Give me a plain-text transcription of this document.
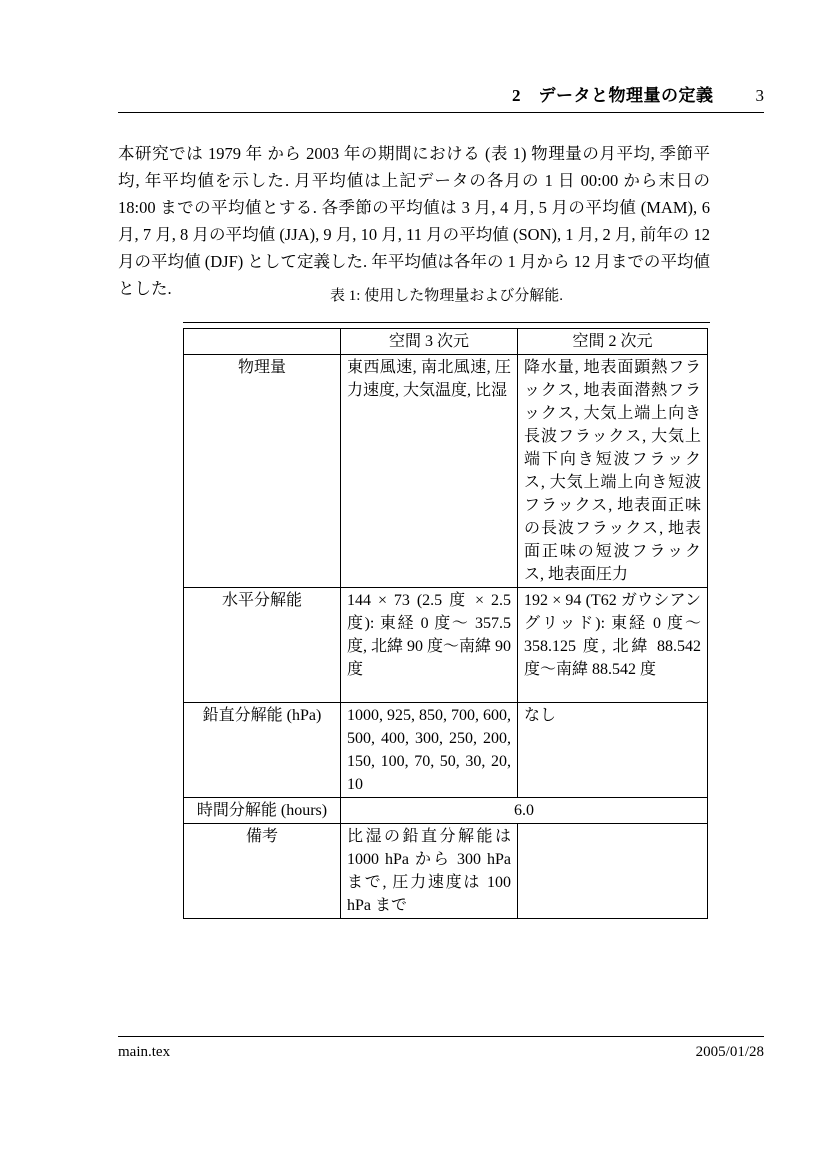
2　データと物理量の定義 3
本研究では 1979 年 から 2003 年の期間における (表 1) 物理量の月平均, 季節平均, 年平均値を示した. 月平均値は上記データの各月の 1 日 00:00 から末日の 18:00 までの平均値とする. 各季節の平均値は 3 月, 4 月, 5 月の平均値 (MAM), 6 月, 7 月, 8 月の平均値 (JJA), 9 月, 10 月, 11 月の平均値 (SON), 1 月, 2 月, 前年の 12 月の平均値 (DJF) として定義した. 年平均値は各年の 1 月から 12 月までの平均値とした.	表 1: 使用した物理量および分解能.
	空間 3 次元	空間 2 次元
物理量	東西風速, 南北風速, 圧力速度, 大気温度, 比湿	降水量, 地表面顕熱フラックス, 地表面潜熱フラックス, 大気上端上向き長波フラックス, 大気上端下向き短波フラックス, 大気上端上向き短波フラックス, 地表面正味の長波フラックス, 地表面正味の短波フラックス, 地表面圧力
水平分解能	144 × 73 (2.5 度 × 2.5 度): 東経 0 度〜 357.5 度, 北緯 90 度〜南緯 90 度	192 × 94 (T62 ガウシアングリッド): 東経 0 度〜358.125 度, 北緯 88.542 度〜南緯 88.542 度
鉛直分解能 (hPa)	1000, 925, 850, 700, 600, 500, 400, 300, 250, 200, 150, 100, 70, 50, 30, 20, 10	なし
時間分解能 (hours)	6.0	
備考	比湿の鉛直分解能は 1000 hPa から 300 hPa まで, 圧力速度は 100 hPa まで	
main.tex	2005/01/28
